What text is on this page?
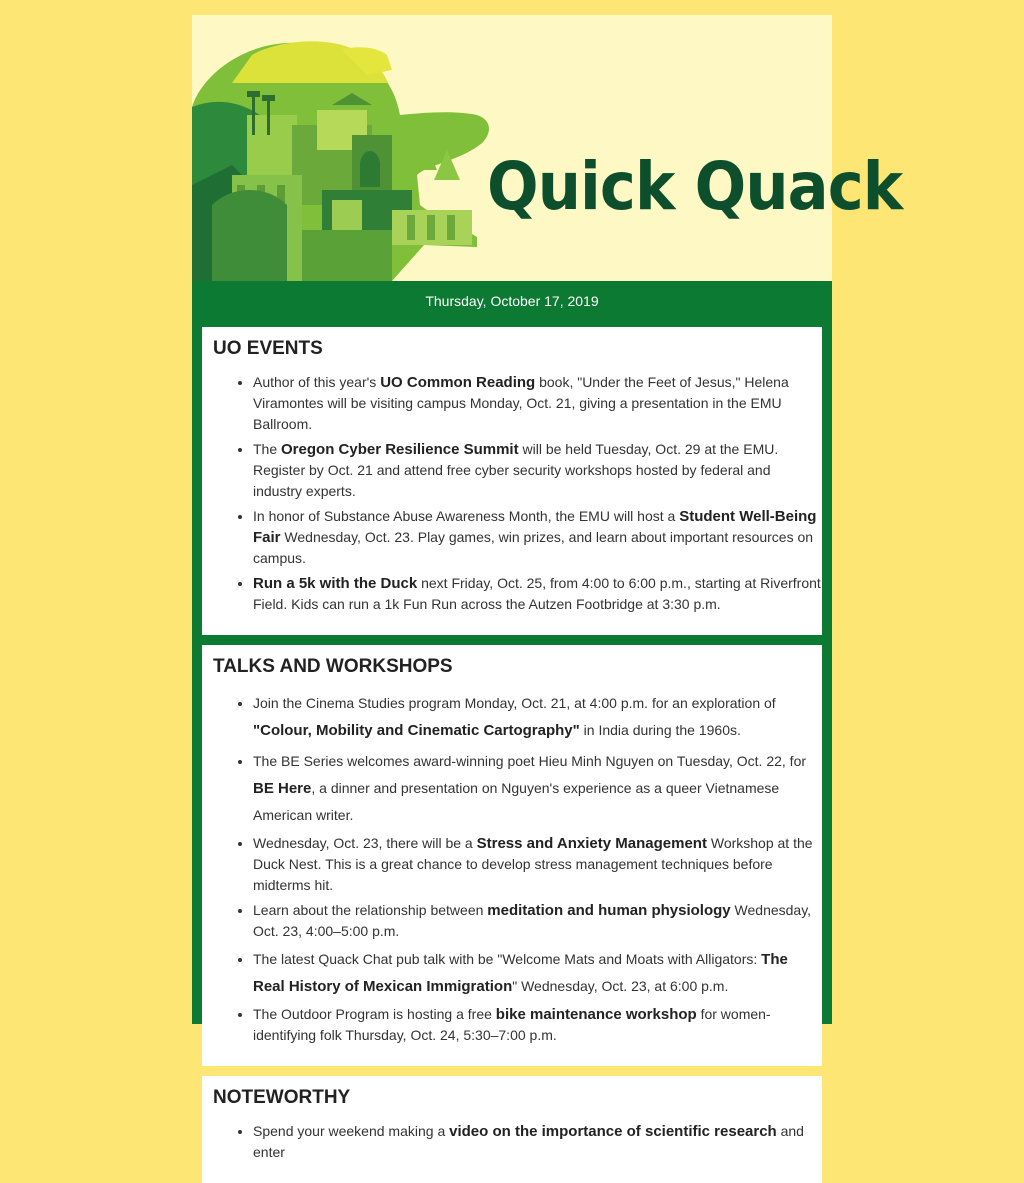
Quick Quack
Thursday, October 17, 2019
UO EVENTS
• Author of this year's UO Common Reading book, "Under the Feet of Jesus," Helena Viramontes will be visiting campus Monday, Oct. 21, giving a presentation in the EMU Ballroom.
• The Oregon Cyber Resilience Summit will be held Tuesday, Oct. 29 at the EMU. Register by Oct. 21 and attend free cyber security workshops hosted by federal and industry experts.
• In honor of Substance Abuse Awareness Month, the EMU will host a Student Well-Being Fair Wednesday, Oct. 23. Play games, win prizes, and learn about important resources on campus.
• Run a 5k with the Duck next Friday, Oct. 25, from 4:00 to 6:00 p.m., starting at Riverfront Field. Kids can run a 1k Fun Run across the Autzen Footbridge at 3:30 p.m.
TALKS AND WORKSHOPS
• Join the Cinema Studies program Monday, Oct. 21, at 4:00 p.m. for an exploration of "Colour, Mobility and Cinematic Cartography" in India during the 1960s.
• The BE Series welcomes award-winning poet Hieu Minh Nguyen on Tuesday, Oct. 22, for BE Here, a dinner and presentation on Nguyen's experience as a queer Vietnamese American writer.
• Wednesday, Oct. 23, there will be a Stress and Anxiety Management Workshop at the Duck Nest. This is a great chance to develop stress management techniques before midterms hit.
• Learn about the relationship between meditation and human physiology Wednesday, Oct. 23, 4:00–5:00 p.m.
• The latest Quack Chat pub talk with be "Welcome Mats and Moats with Alligators: The Real History of Mexican Immigration" Wednesday, Oct. 23, at 6:00 p.m.
• The Outdoor Program is hosting a free bike maintenance workshop for women-identifying folk Thursday, Oct. 24, 5:30–7:00 p.m.
NOTEWORTHY
• Spend your weekend making a video on the importance of scientific research and enter
